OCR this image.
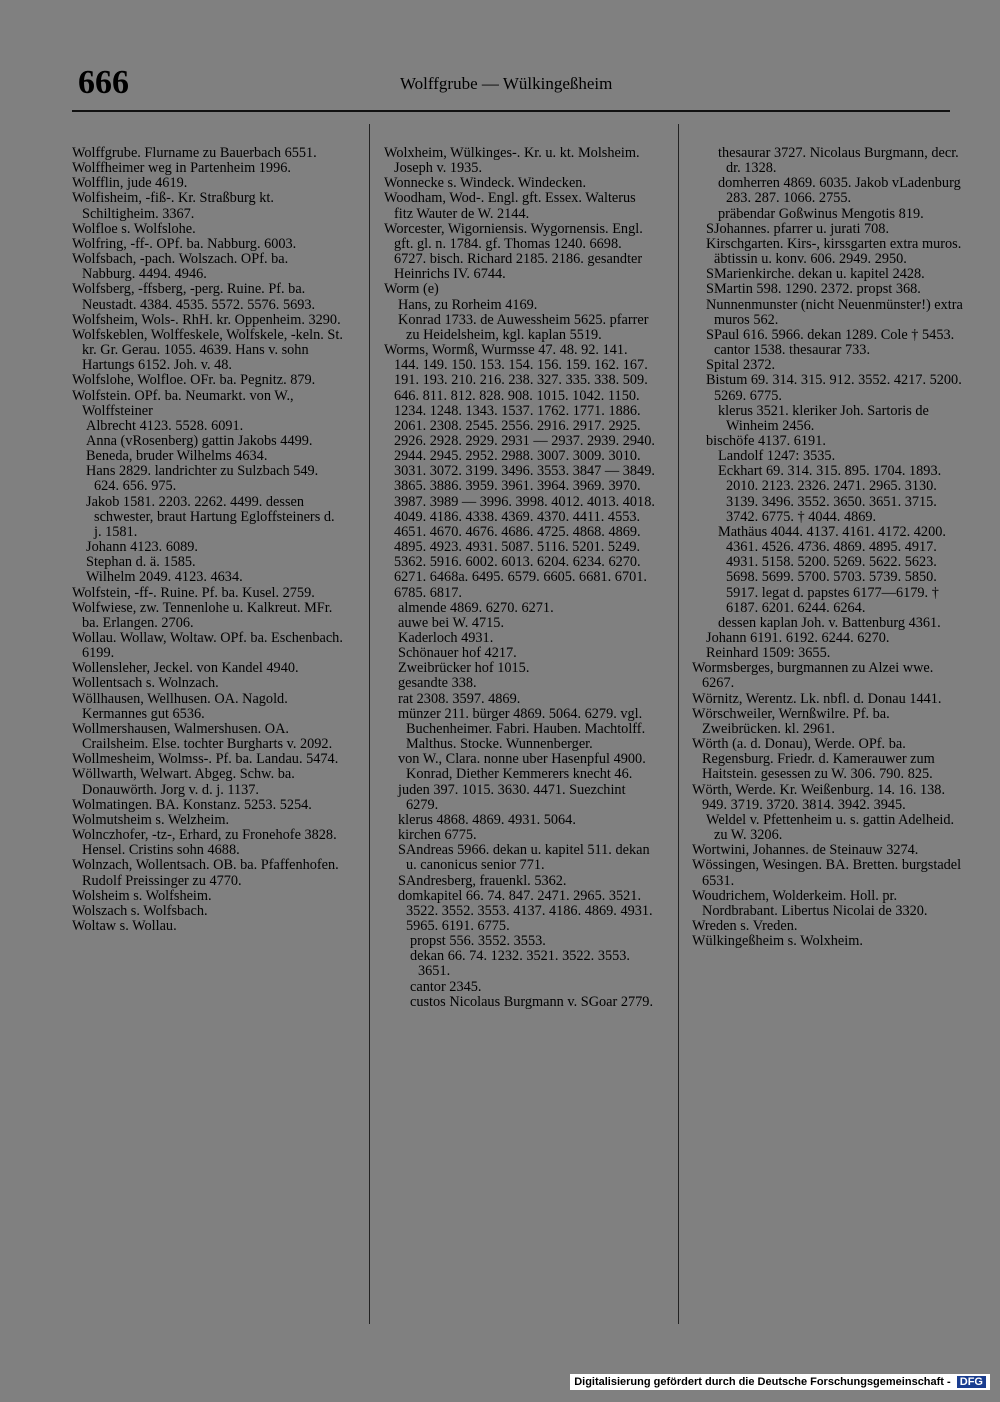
666	Wolffgrube — Wülkingeßheim

Wolffgrube. Flurname zu Bauerbach 6551.

Wolffheimer weg in Partenheim 1996.

Wolfflin, jude 4619.

Wolfisheim, -fiß-. Kr. Straßburg kt. Schiltigheim. 3367.

Wolfloe s. Wolfslohe.

Wolfring, -ff-. OPf. ba. Nabburg. 6003.

Wolfsbach, -pach. Wolszach. OPf. ba. Nabburg. 4494. 4946.

Wolfsberg, -ffsberg, -perg. Ruine. Pf. ba. Neustadt. 4384. 4535. 5572. 5576. 5693.

Wolfsheim, Wols-. RhH. kr. Oppenheim. 3290.

Wolfskeblen, Wolffeskele, Wolfskele, -keln. St. kr. Gr. Gerau. 1055. 4639. Hans v. sohn Hartungs 6152. Joh. v. 48.

Wolfslohe, Wolfloe. OFr. ba. Pegnitz. 879.

Wolfstein. OPf. ba. Neumarkt. von W., Wolffsteiner

Albrecht 4123. 5528. 6091.

Anna (vRosenberg) gattin Jakobs 4499.

Beneda, bruder Wilhelms 4634.

Hans 2829. landrichter zu Sulzbach 549. 624. 656. 975.

Jakob 1581. 2203. 2262. 4499. dessen schwester, braut Hartung Egloffsteiners d. j. 1581.

Johann 4123. 6089.

Stephan d. ä. 1585.

Wilhelm 2049. 4123. 4634.

Wolfstein, -ff-. Ruine. Pf. ba. Kusel. 2759.

Wolfwiese, zw. Tennenlohe u. Kalkreut. MFr. ba. Erlangen. 2706.

Wollau. Wollaw, Woltaw. OPf. ba. Eschenbach. 6199.

Wollensleher, Jeckel. von Kandel 4940.

Wollentsach s. Wolnzach.

Wöllhausen, Wellhusen. OA. Nagold. Kermannes gut 6536.

Wollmershausen, Walmershusen. OA. Crailsheim. Else. tochter Burgharts v. 2092.

Wollmesheim, Wolmss-. Pf. ba. Landau. 5474.

Wöllwarth, Welwart. Abgeg. Schw. ba. Donauwörth. Jorg v. d. j. 1137.

Wolmatingen. BA. Konstanz. 5253. 5254.

Wolmutsheim s. Welzheim.

Wolnczhofer, -tz-, Erhard, zu Fronehofe 3828. Hensel. Cristins sohn 4688.

Wolnzach, Wollentsach. OB. ba. Pfaffenhofen. Rudolf Preissinger zu 4770.

Wolsheim s. Wolfsheim.

Wolszach s. Wolfsbach.

Woltaw s. Wollau.

Wolxheim, Wülkinges-. Kr. u. kt. Molsheim. Joseph v. 1935.

Wonnecke s. Windeck. Windecken.

Woodham, Wod-. Engl. gft. Essex. Walterus fitz Wauter de W. 2144.

Worcester, Wigorniensis. Wygornensis. Engl. gft. gl. n. 1784. gf. Thomas 1240. 6698. 6727. bisch. Richard 2185. 2186. gesandter Heinrichs IV. 6744.

Worm (e)

Hans, zu Rorheim 4169.

Konrad 1733. de Auwessheim 5625. pfarrer zu Heidelsheim, kgl. kaplan 5519.

Worms, Wormß, Wurmsse 47. 48. 92. 141. 144. 149. 150. 153. 154. 156. 159. 162. 167. 191. 193. 210. 216. 238. 327. 335. 338. 509. 646. 811. 812. 828. 908. 1015. 1042. 1150. 1234. 1248. 1343. 1537. 1762. 1771. 1886. 2061. 2308. 2545. 2556. 2916. 2917. 2925. 2926. 2928. 2929. 2931 — 2937. 2939. 2940. 2944. 2945. 2952. 2988. 3007. 3009. 3010. 3031. 3072. 3199. 3496. 3553. 3847 — 3849. 3865. 3886. 3959. 3961. 3964. 3969. 3970. 3987. 3989 — 3996. 3998. 4012. 4013. 4018. 4049. 4186. 4338. 4369. 4370. 4411. 4553. 4651. 4670. 4676. 4686. 4725. 4868. 4869. 4895. 4923. 4931. 5087. 5116. 5201. 5249. 5362. 5916. 6002. 6013. 6204. 6234. 6270. 6271. 6468a. 6495. 6579. 6605. 6681. 6701. 6785. 6817.

almende 4869. 6270. 6271.

auwe bei W. 4715.

Kaderloch 4931.

Schönauer hof 4217.

Zweibrücker hof 1015.

gesandte 338.

rat 2308. 3597. 4869.

münzer 211. bürger 4869. 5064. 6279. vgl. Buchenheimer. Fabri. Hauben. Machtolff. Malthus. Stocke. Wunnenberger.

von W., Clara. nonne uber Hasenpful 4900. Konrad, Diether Kemmerers knecht 46.

juden 397. 1015. 3630. 4471. Suezchint 6279.

klerus 4868. 4869. 4931. 5064.

kirchen 6775.

SAndreas 5966. dekan u. kapitel 511. dekan u. canonicus senior 771.

SAndresberg, frauenkl. 5362.

domkapitel 66. 74. 847. 2471. 2965. 3521. 3522. 3552. 3553. 4137. 4186. 4869. 4931. 5965. 6191. 6775.

propst 556. 3552. 3553.

dekan 66. 74. 1232. 3521. 3522. 3553. 3651.

cantor 2345.

custos Nicolaus Burgmann v. SGoar 2779.

thesaurar 3727. Nicolaus Burgmann, decr. dr. 1328.

domherren 4869. 6035. Jakob vLadenburg 283. 287. 1066. 2755.

präbendar Goßwinus Mengotis 819.

SJohannes. pfarrer u. jurati 708.

Kirschgarten. Kirs-, kirssgarten extra muros. äbtissin u. konv. 606. 2949. 2950.

SMarienkirche. dekan u. kapitel 2428.

SMartin 598. 1290. 2372. propst 368.

Nunnenmunster (nicht Neuenmünster!) extra muros 562.

SPaul 616. 5966. dekan 1289. Cole † 5453. cantor 1538. thesaurar 733.

Spital 2372.

Bistum 69. 314. 315. 912. 3552. 4217. 5200. 5269. 6775.

klerus 3521. kleriker Joh. Sartoris de Winheim 2456.

bischöfe 4137. 6191.

Landolf 1247: 3535.

Eckhart 69. 314. 315. 895. 1704. 1893. 2010. 2123. 2326. 2471. 2965. 3130. 3139. 3496. 3552. 3650. 3651. 3715. 3742. 6775. † 4044. 4869.

Mathäus 4044. 4137. 4161. 4172. 4200. 4361. 4526. 4736. 4869. 4895. 4917. 4931. 5158. 5200. 5269. 5622. 5623. 5698. 5699. 5700. 5703. 5739. 5850. 5917. legat d. papstes 6177—6179. † 6187. 6201. 6244. 6264.

dessen kaplan Joh. v. Battenburg 4361.

Johann 6191. 6192. 6244. 6270.

Reinhard 1509: 3655.

Wormsberges, burgmannen zu Alzei wwe. 6267.

Wörnitz, Werentz. Lk. nbfl. d. Donau 1441.

Wörschweiler, Wernßwilre. Pf. ba. Zweibrücken. kl. 2961.

Wörth (a. d. Donau), Werde. OPf. ba. Regensburg. Friedr. d. Kamerauwer zum Haitstein. gesessen zu W. 306. 790. 825.

Wörth, Werde. Kr. Weißenburg. 14. 16. 138. 949. 3719. 3720. 3814. 3942. 3945.

Weldel v. Pfettenheim u. s. gattin Adelheid. zu W. 3206.

Wortwini, Johannes. de Steinauw 3274.

Wössingen, Wesingen. BA. Bretten. burgstadel 6531.

Woudrichem, Wolderkeim. Holl. pr. Nordbrabant. Libertus Nicolai de 3320.

Wreden s. Vreden.

Wülkingeßheim s. Wolxheim.

Digitalisierung gefördert durch die Deutsche Forschungsgemeinschaft - DFG
